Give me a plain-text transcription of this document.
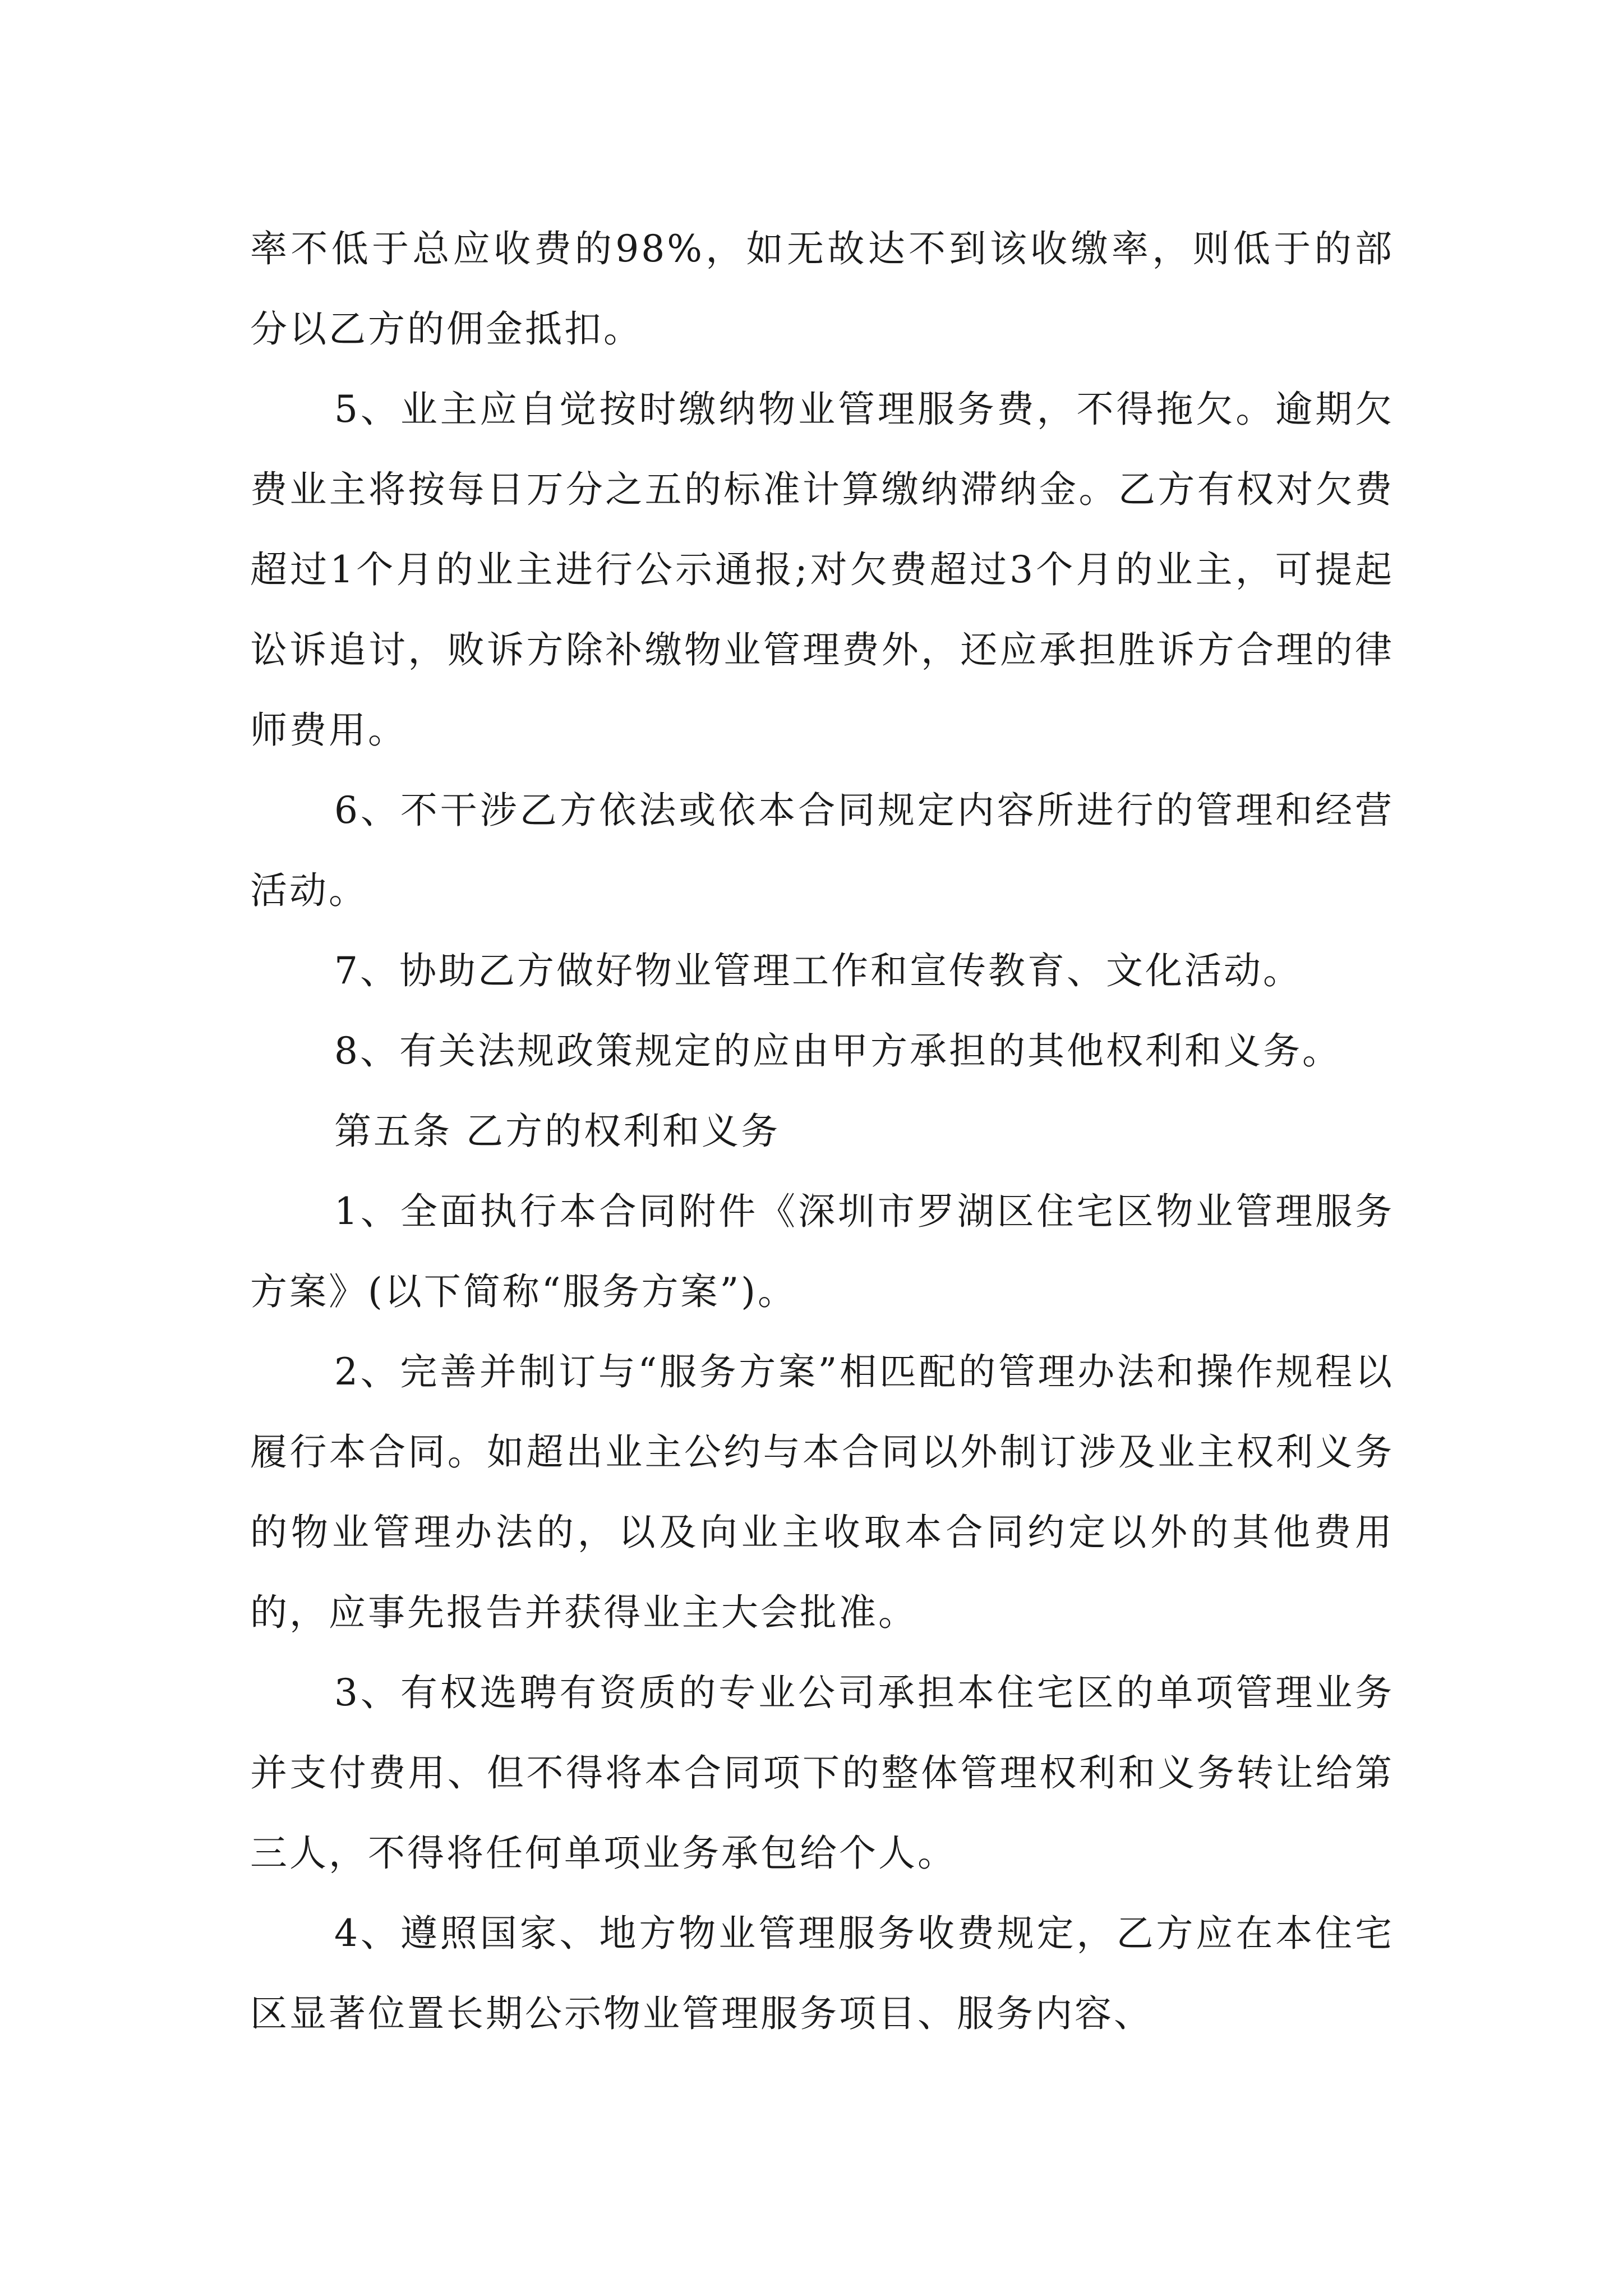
率不低于总应收费的98%，如无故达不到该收缴率，则低于的部分以乙方的佣金抵扣。

5、业主应自觉按时缴纳物业管理服务费，不得拖欠。逾期欠费业主将按每日万分之五的标准计算缴纳滞纳金。乙方有权对欠费超过1个月的业主进行公示通报;对欠费超过3个月的业主，可提起讼诉追讨，败诉方除补缴物业管理费外，还应承担胜诉方合理的律师费用。

6、不干涉乙方依法或依本合同规定内容所进行的管理和经营活动。

7、协助乙方做好物业管理工作和宣传教育、文化活动。

8、有关法规政策规定的应由甲方承担的其他权利和义务。

第五条 乙方的权利和义务

1、全面执行本合同附件《深圳市罗湖区住宅区物业管理服务方案》(以下简称“服务方案”)。

2、完善并制订与“服务方案”相匹配的管理办法和操作规程以履行本合同。如超出业主公约与本合同以外制订涉及业主权利义务的物业管理办法的，以及向业主收取本合同约定以外的其他费用的，应事先报告并获得业主大会批准。

3、有权选聘有资质的专业公司承担本住宅区的单项管理业务并支付费用、但不得将本合同项下的整体管理权利和义务转让给第三人，不得将任何单项业务承包给个人。

4、遵照国家、地方物业管理服务收费规定，乙方应在本住宅区显著位置长期公示物业管理服务项目、服务内容、
